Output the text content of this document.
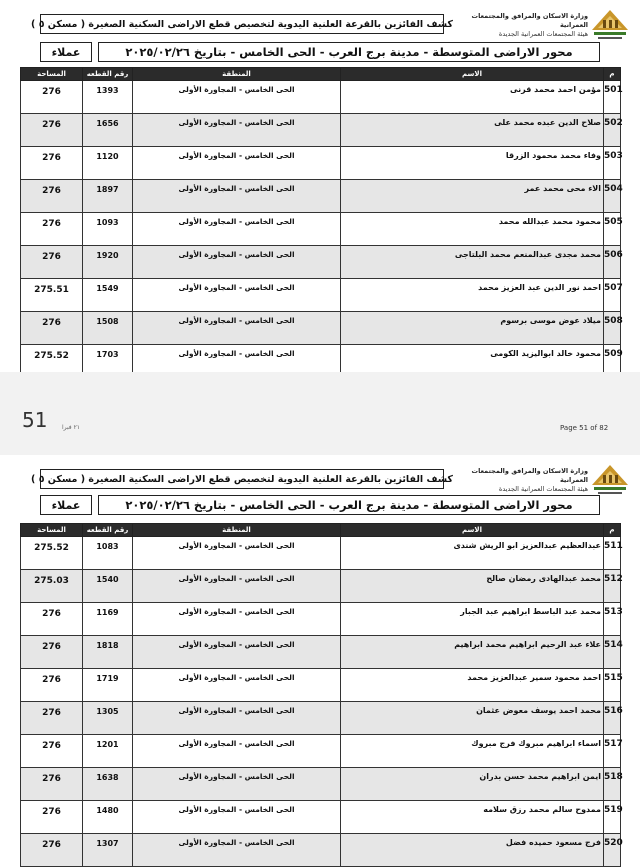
كشف الفائزين بالقرعة العلنية اليدوية لتخصيص قطع الاراضى السكنية الصغيرة ( مسكن ٥ )
وزارة الاسكان والمرافق والمجتمعات العمرانية
هيئة المجتمعات العمرانية الجديدة
محور الاراضى المتوسطة - مدينة برج العرب - الحى الخامس - بتاريخ ٢٠٢٥/٠٢/٢٦
عملاء
المساحة	رقم القطعه	المنطقة	الاسم	م
276	1393	الحى الخامس - المجاورة الأولى	مؤمن احمد محمد قرنى	501
276	1656	الحى الخامس - المجاورة الأولى	صلاح الدين عبده محمد على	502
276	1120	الحى الخامس - المجاورة الأولى	وفاء محمد محمود الزرقا	503
276	1897	الحى الخامس - المجاورة الأولى	الاء محى محمد عمر	504
276	1093	الحى الخامس - المجاورة الأولى	محمود محمد عبدالله محمد	505
276	1920	الحى الخامس - المجاورة الأولى	محمد مجدى عبدالمنعم محمد البلتاجى	506
275.51	1549	الحى الخامس - المجاورة الأولى	احمد نور الدين عبد العزيز محمد	507
276	1508	الحى الخامس - المجاورة الأولى	ميلاد عوض موسى برسوم	508
275.52	1703	الحى الخامس - المجاورة الأولى	محمود خالد ابواليزيد الكومى	509

51 ٢١ فبرا	Page 51 of 82
كشف الفائزين بالقرعة العلنية اليدوية لتخصيص قطع الاراضى السكنية الصغيرة ( مسكن ٥ )
وزارة الاسكان والمرافق والمجتمعات العمرانية
هيئة المجتمعات العمرانية الجديدة
محور الاراضى المتوسطة - مدينة برج العرب - الحى الخامس - بتاريخ ٢٠٢٥/٠٢/٢٦
عملاء
المساحة	رقم القطعه	المنطقة	الاسم	م
275.52	1083	الحى الخامس - المجاورة الأولى	عبدالعظيم عبدالعزيز ابو الريش شندى	511
275.03	1540	الحى الخامس - المجاورة الأولى	محمد عبدالهادى رمضان صالح	512
276	1169	الحى الخامس - المجاورة الأولى	محمد عبد الباسط ابراهيم عبد الجبار	513
276	1818	الحى الخامس - المجاورة الأولى	علاء عبد الرحيم ابراهيم محمد ابراهيم	514
276	1719	الحى الخامس - المجاورة الأولى	احمد محمود سمير عبدالعزيز محمد	515
276	1305	الحى الخامس - المجاورة الأولى	محمد احمد يوسف معوض عثمان	516
276	1201	الحى الخامس - المجاورة الأولى	اسماء ابراهيم مبروك فرج مبروك	517
276	1638	الحى الخامس - المجاورة الأولى	ايمن ابراهيم محمد حسن بدران	518
276	1480	الحى الخامس - المجاورة الأولى	ممدوح سالم محمد رزق سلامه	519
276	1307	الحى الخامس - المجاورة الأولى	فرج مسعود حميده فضل	520
